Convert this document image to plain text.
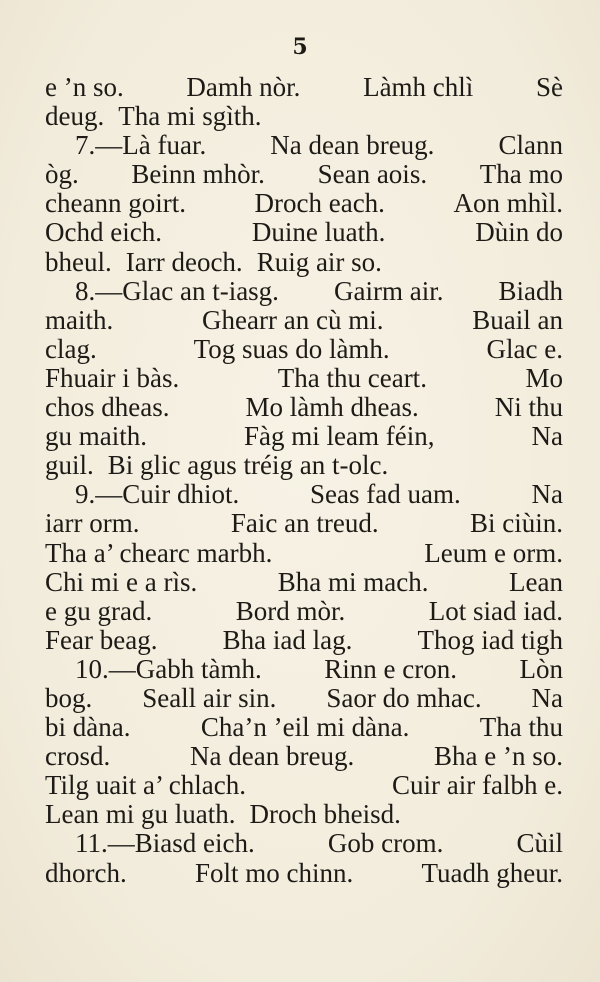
5

e ’n so. Damh nòr. Làmh chlì Sè
deug. Tha mi sgìth.
7.—Là fuar. Na dean breug. Clann
òg. Beinn mhòr. Sean aois. Tha mo
cheann goirt.	Droch each.	Aon mhìl.
Ochd eich.	Duine luath.	Dùin do
bheul. Iarr deoch. Ruig air so.
8.—Glac an t-iasg. Gairm air. Biadh
maith.	Ghearr an cù mi.	Buail an
clag.	Tog suas do làmh.	Glac e.
Fhuair i bàs.	Tha thu ceart.	Mo
chos dheas.	Mo làmh dheas.	Ni thu
gu maith.	Fàg mi leam féin,	Na
guil. Bi glic agus tréig an t-olc.
9.—Cuir dhiot.	Seas fad uam.	Na
iarr orm.	Faic an treud.	Bi ciùin.
Tha a’ chearc marbh.	Leum e orm.
Chi mi e a rìs.	Bha mi mach.	Lean
e gu grad.	Bord mòr.	Lot siad iad.
Fear beag. Bha iad lag. Thog iad tigh
10.—Gabh tàmh. Rinn e cron. Lòn
bog. Seall air sin. Saor do mhac. Na
bi dàna.	Cha’n ’eil mi dàna.	Tha thu
crosd.	Na dean breug.	Bha e ’n so.
Tilg uait a’ chlach.	Cuir air falbh e.
Lean mi gu luath. Droch bheisd.
11.—Biasd eich.	Gob crom.	Cùil
dhorch.	Folt mo chinn.	Tuadh gheur.
